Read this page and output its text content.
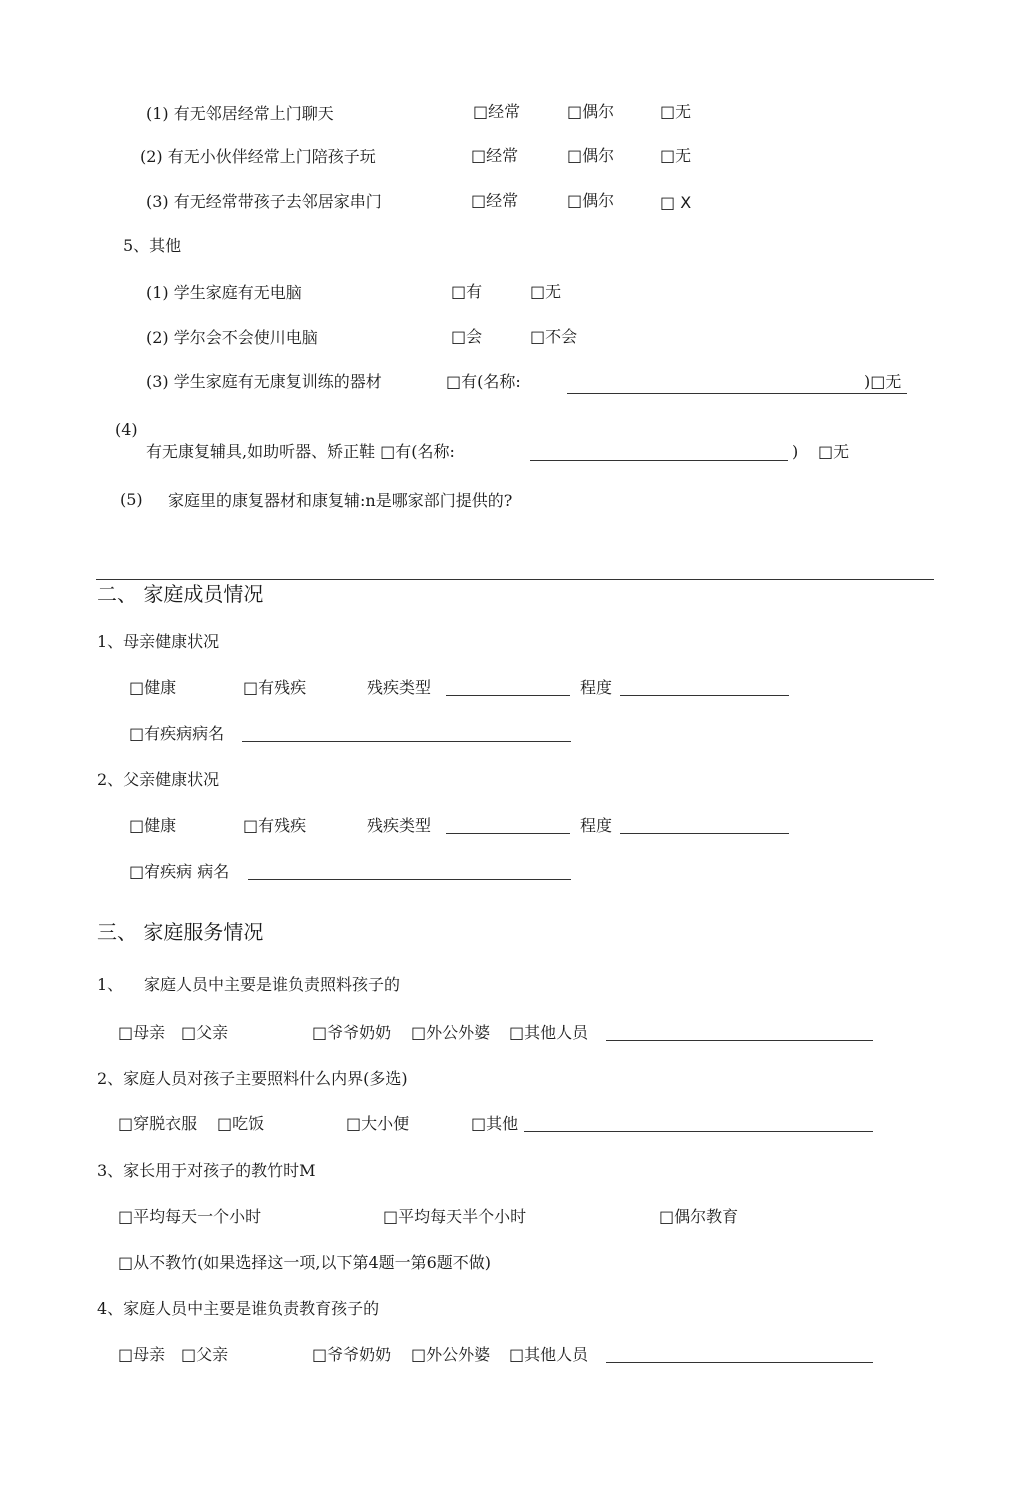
(1) 有无邻居经常上门聊天	□经常	□偶尔	□无
(2) 有无小伙伴经常上门陪孩子玩	□经常	□偶尔	□无
(3) 有无经常带孩子去邻居家串门	□经常	□偶尔	□ X
5、其他
(1) 学生家庭有无电脑	□有	□无
(2) 学尔会不会使川电脑	□会	□不会
(3) 学生家庭有无康复训练的器材	□有(名称:	)□无
(4)
有无康复辅具,如助听器、矫正鞋 □有(名称:	) □无
(5) 家庭里的康复器材和康复辅:n是哪家部门提供的?
二、 家庭成员情况
1、母亲健康状况
□健康	□有残疾	残疾类型	程度
□有疾病病名
2、父亲健康状况
□健康	□有残疾	残疾类型	程度
□宥疾病 病名
三、 家庭服务情况
1、 家庭人员中主要是谁负责照料孩子的
□母亲 □父亲	□爷爷奶奶 □外公外婆 □其他人员
2、家庭人员对孩子主要照料什么内界(多选)
□穿脱衣服 □吃饭	□大小便	□其他
3、家长用于对孩子的教竹时M
□平均每天一个小时	□平均每天半个小时	□偶尔教育
□从不教竹(如果选择这一项,以下第4题一第6题不做)
4、家庭人员中主要是谁负责教育孩子的
□母亲 □父亲	□爷爷奶奶 □外公外婆 □其他人员
